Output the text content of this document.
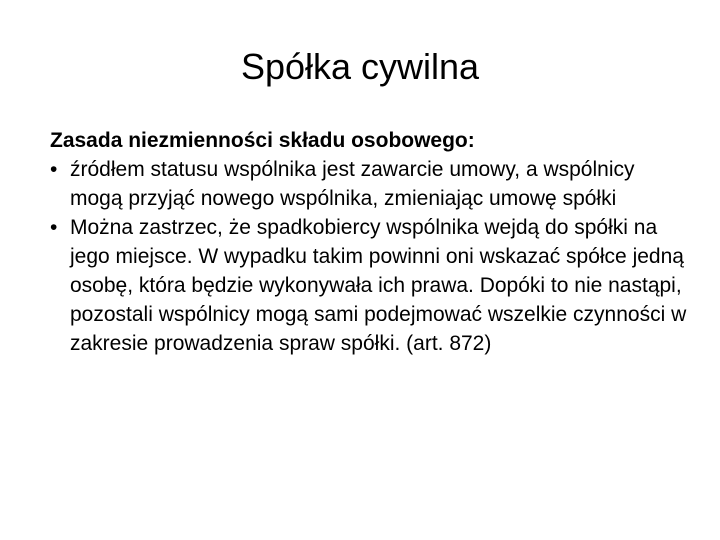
Spółka cywilna

Zasada niezmienności składu osobowego:

• źródłem statusu wspólnika jest zawarcie umowy, a wspólnicy mogą przyjąć nowego wspólnika, zmieniając umowę spółki
• Można zastrzec, że spadkobiercy wspólnika wejdą do spółki na jego miejsce. W wypadku takim powinni oni wskazać spółce jedną osobę, która będzie wykonywała ich prawa. Dopóki to nie nastąpi, pozostali wspólnicy mogą sami podejmować wszelkie czynności w zakresie prowadzenia spraw spółki. (art. 872)
